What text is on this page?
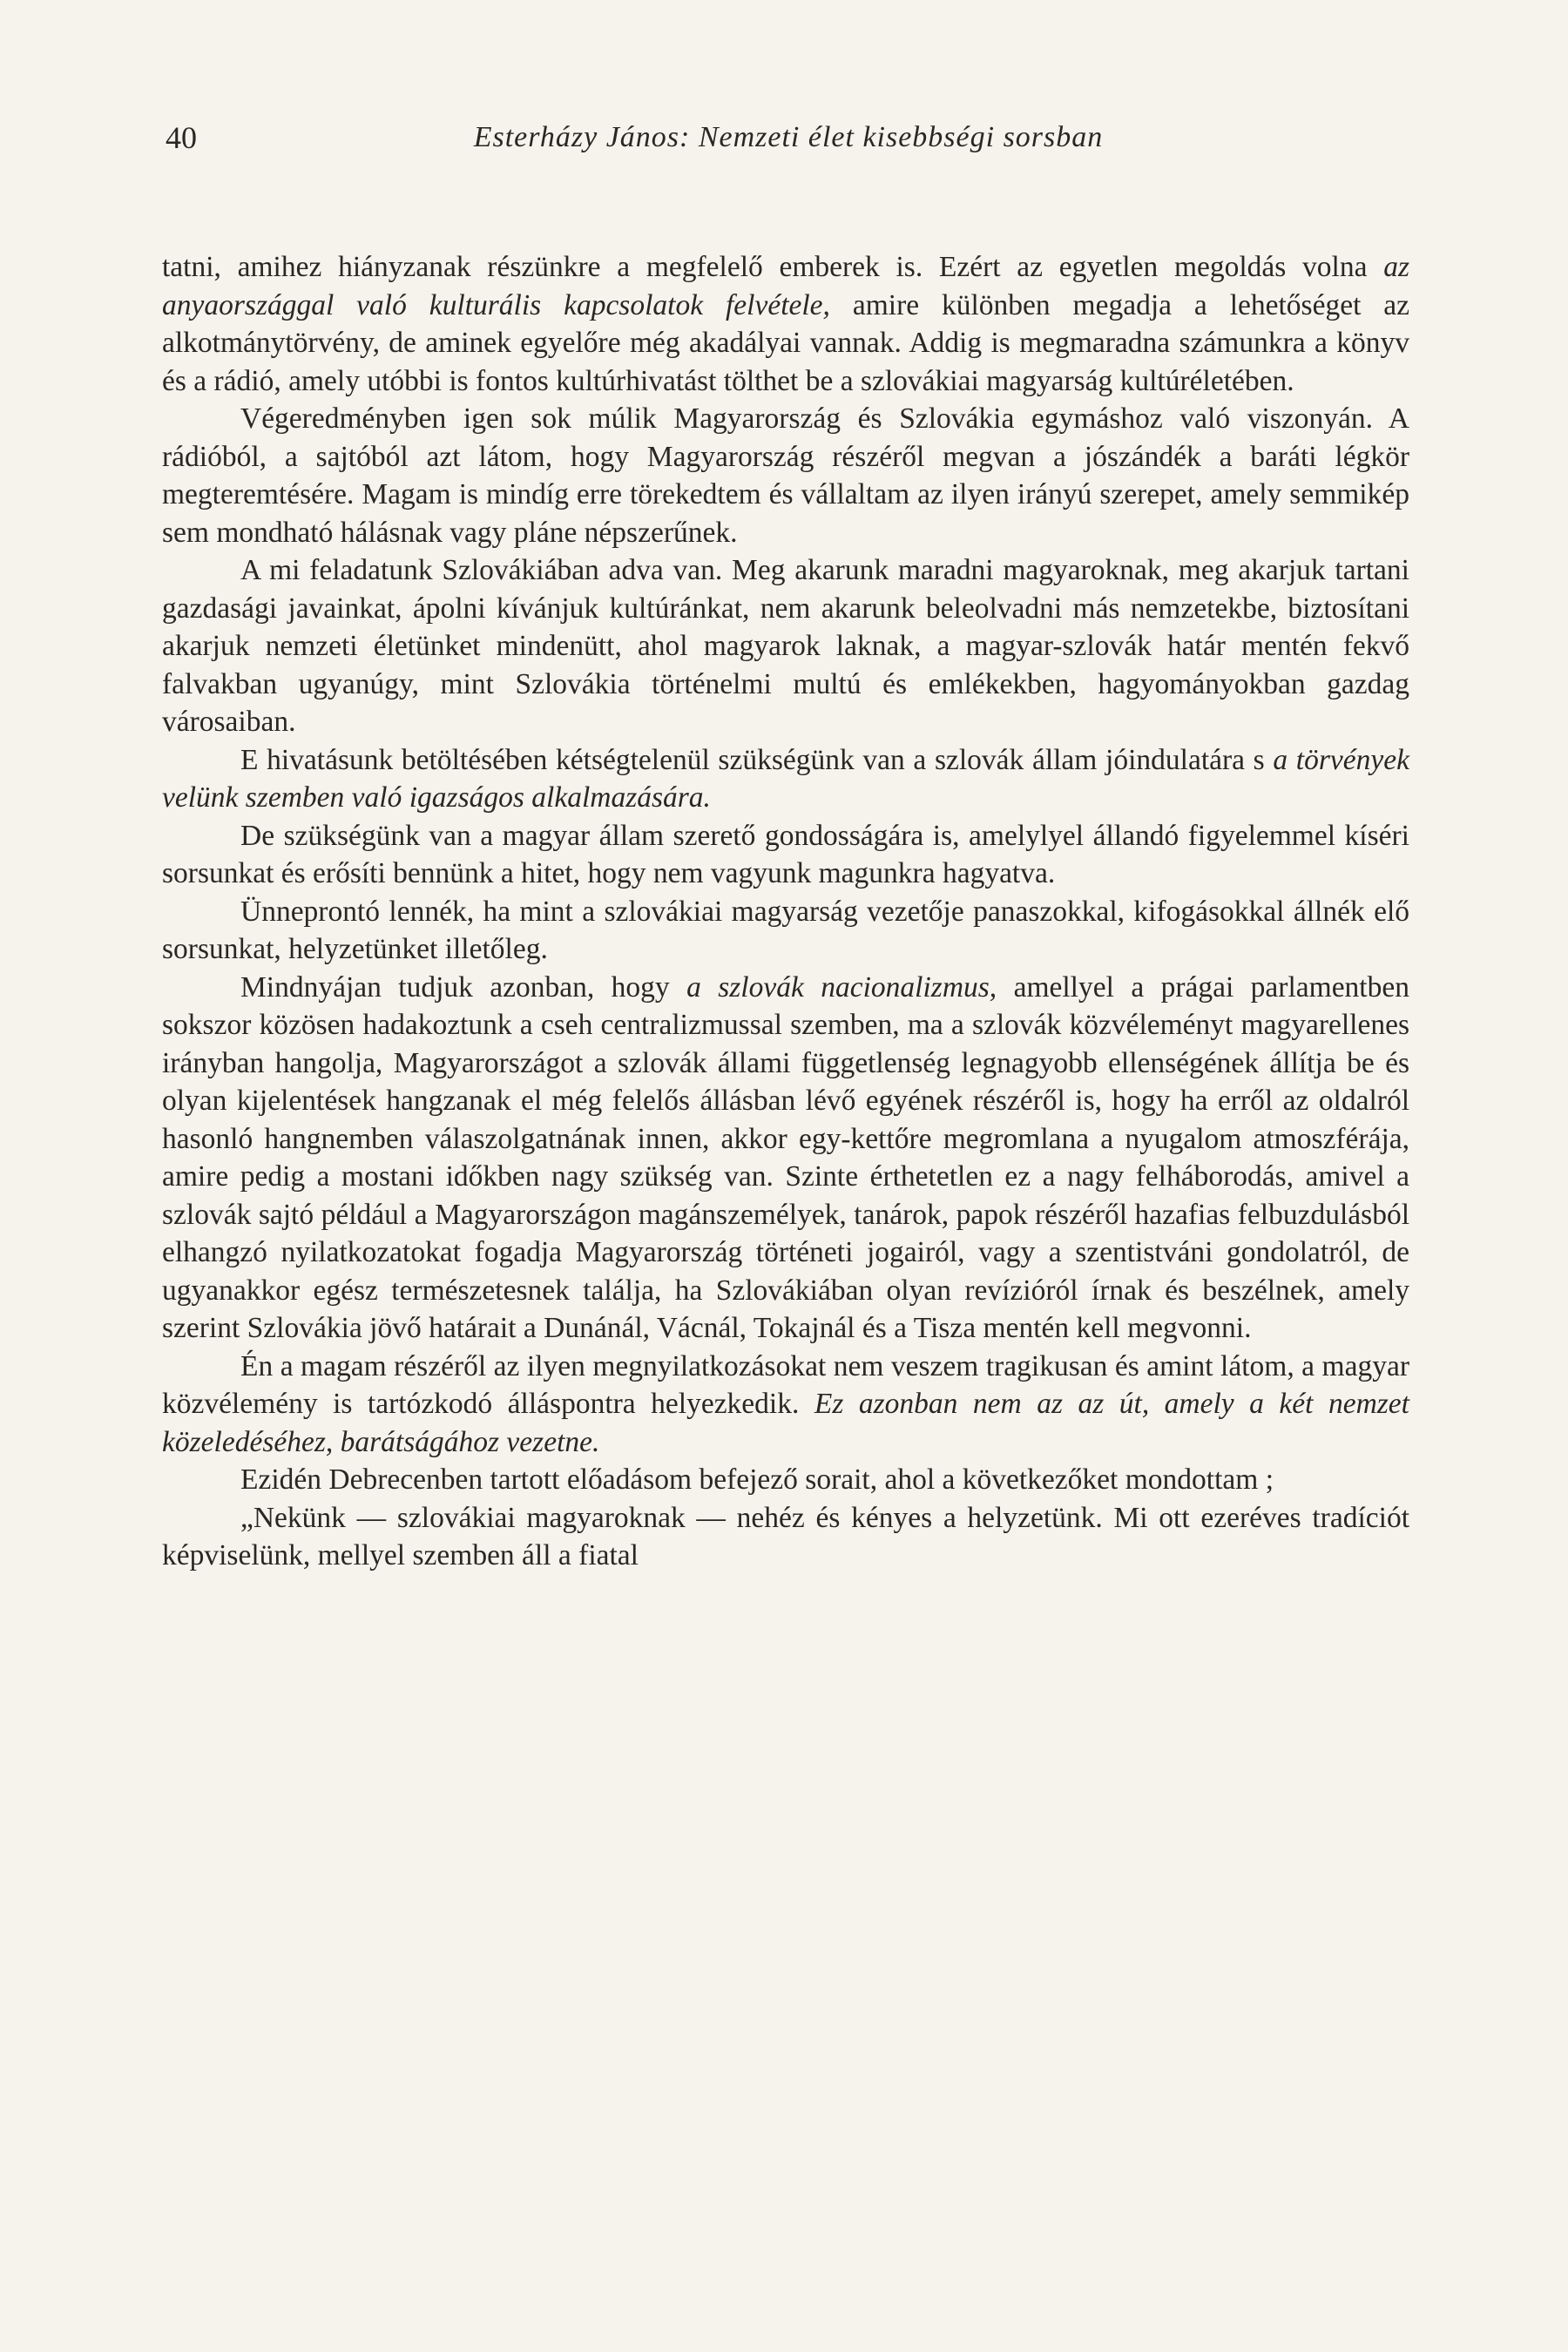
40	Esterházy János: Nemzeti élet kisebbségi sorsban

tatni, amihez hiányzanak részünkre a megfelelő emberek is. Ezért az egyetlen megoldás volna az anyaországgal való kulturális kapcsolatok felvétele, amire különben megadja a lehetőséget az alkotmánytörvény, de aminek egyelőre még akadályai vannak. Addig is megmaradna számunkra a könyv és a rádió, amely utóbbi is fontos kultúrhivatást tölthet be a szlovákiai magyarság kultúréletében.

Végeredményben igen sok múlik Magyarország és Szlovákia egymáshoz való viszonyán. A rádióból, a sajtóból azt látom, hogy Magyarország részéről megvan a jószándék a baráti légkör megteremtésére. Magam is mindíg erre törekedtem és vállaltam az ilyen irányú szerepet, amely semmikép sem mondható hálásnak vagy pláne népszerűnek.

A mi feladatunk Szlovákiában adva van. Meg akarunk maradni magyaroknak, meg akarjuk tartani gazdasági javainkat, ápolni kívánjuk kultúránkat, nem akarunk beleolvadni más nemzetekbe, biztosítani akarjuk nemzeti életünket mindenütt, ahol magyarok laknak, a magyar-szlovák határ mentén fekvő falvakban ugyanúgy, mint Szlovákia történelmi multú és emlékekben, hagyományokban gazdag városaiban.

E hivatásunk betöltésében kétségtelenül szükségünk van a szlovák állam jóindulatára s a törvények velünk szemben való igazságos alkalmazására.

De szükségünk van a magyar állam szerető gondosságára is, amelylyel állandó figyelemmel kíséri sorsunkat és erősíti bennünk a hitet, hogy nem vagyunk magunkra hagyatva.

Ünneprontó lennék, ha mint a szlovákiai magyarság vezetője panaszokkal, kifogásokkal állnék elő sorsunkat, helyzetünket illetőleg.

Mindnyájan tudjuk azonban, hogy a szlovák nacionalizmus, amellyel a prágai parlamentben sokszor közösen hadakoztunk a cseh centralizmussal szemben, ma a szlovák közvéleményt magyarellenes irányban hangolja, Magyarországot a szlovák állami függetlenség legnagyobb ellenségének állítja be és olyan kijelentések hangzanak el még felelős állásban lévő egyének részéről is, hogy ha erről az oldalról hasonló hangnemben válaszolgatnának innen, akkor egy-kettőre megromlana a nyugalom atmoszférája, amire pedig a mostani időkben nagy szükség van. Szinte érthetetlen ez a nagy felháborodás, amivel a szlovák sajtó például a Magyarországon magánszemélyek, tanárok, papok részéről hazafias felbuzdulásból elhangzó nyilatkozatokat fogadja Magyarország történeti jogairól, vagy a szentistváni gondolatról, de ugyanakkor egész természetesnek találja, ha Szlovákiában olyan revízióról írnak és beszélnek, amely szerint Szlovákia jövő határait a Dunánál, Vácnál, Tokajnál és a Tisza mentén kell megvonni.

Én a magam részéről az ilyen megnyilatkozásokat nem veszem tragikusan és amint látom, a magyar közvélemény is tartózkodó álláspontra helyezkedik. Ez azonban nem az az út, amely a két nemzet közeledéséhez, barátságához vezetne.

Ezidén Debrecenben tartott előadásom befejező sorait, ahol a következőket mondottam ;

„Nekünk — szlovákiai magyaroknak — nehéz és kényes a helyzetünk. Mi ott ezeréves tradíciót képviselünk, mellyel szemben áll a fiatal
